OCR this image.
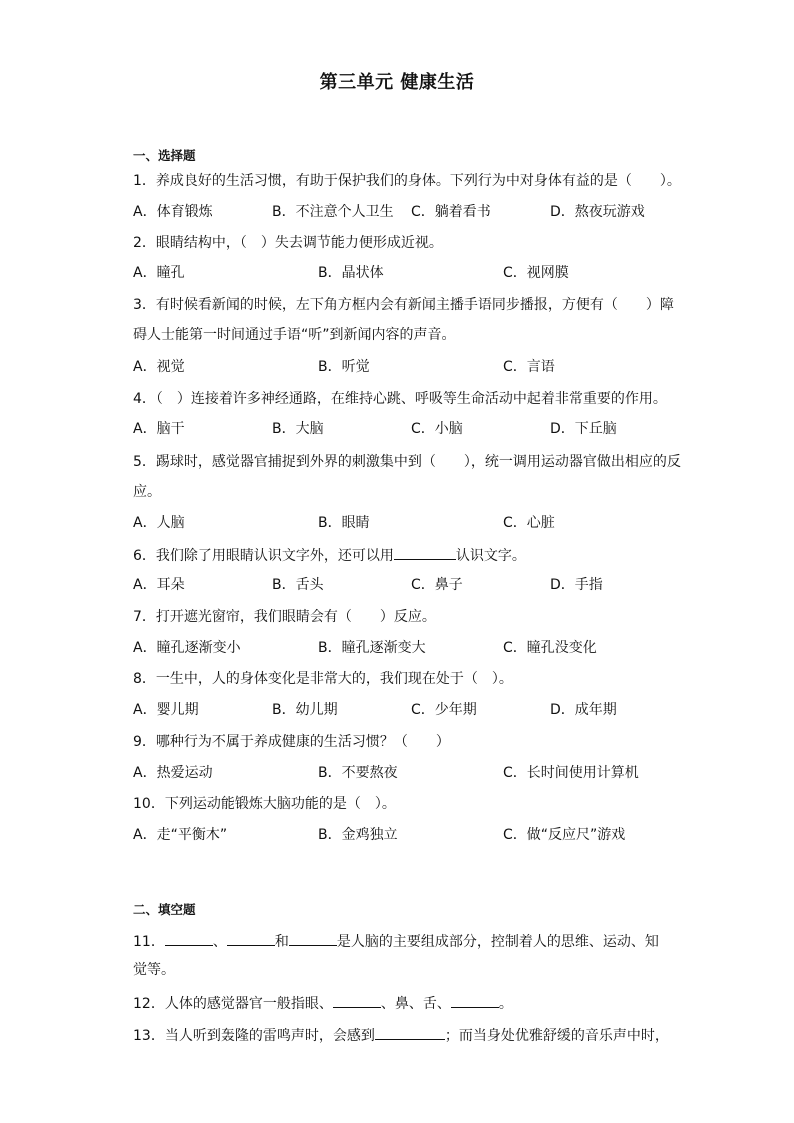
第三单元 健康生活
一、选择题
1．养成良好的生活习惯，有助于保护我们的身体。下列行为中对身体有益的是（　　）。
A．体育锻炼	B．不注意个人卫生 C．躺着看书	D．熬夜玩游戏
2．眼睛结构中，（　）失去调节能力便形成近视。
A．瞳孔	B．晶状体	C．视网膜
3．有时候看新闻的时候，左下角方框内会有新闻主播手语同步播报，方便有（　　）障
碍人士能第一时间通过手语“听”到新闻内容的声音。
A．视觉	B．听觉	C．言语
4．（　）连接着许多神经通路，在维持心跳、呼吸等生命活动中起着非常重要的作用。
A．脑干	B．大脑	C．小脑	D．下丘脑
5．踢球时，感觉器官捕捉到外界的刺激集中到（　　），统一调用运动器官做出相应的反
应。
A．人脑	B．眼睛	C．心脏
6．我们除了用眼睛认识文字外，还可以用	认识文字。
A．耳朵	B．舌头	C．鼻子	D．手指
7．打开遮光窗帘，我们眼睛会有（　　）反应。
A．瞳孔逐渐变小	B．瞳孔逐渐变大	C．瞳孔没变化
8．一生中，人的身体变化是非常大的，我们现在处于（　）。
A．婴儿期	B．幼儿期	C．少年期	D．成年期
9．哪种行为不属于养成健康的生活习惯？（　　）
A．热爱运动	B．不要熬夜	C．长时间使用计算机
10．下列运动能锻炼大脑功能的是（　）。
A．走“平衡木”	B．金鸡独立	C．做“反应尺”游戏
二、填空题
11．	、	和	是人脑的主要组成部分，控制着人的思维、运动、知
觉等。
12．人体的感觉器官一般指眼、	、鼻、舌、	。
13．当人听到轰隆的雷鸣声时，会感到	；而当身处优雅舒缓的音乐声中时，
